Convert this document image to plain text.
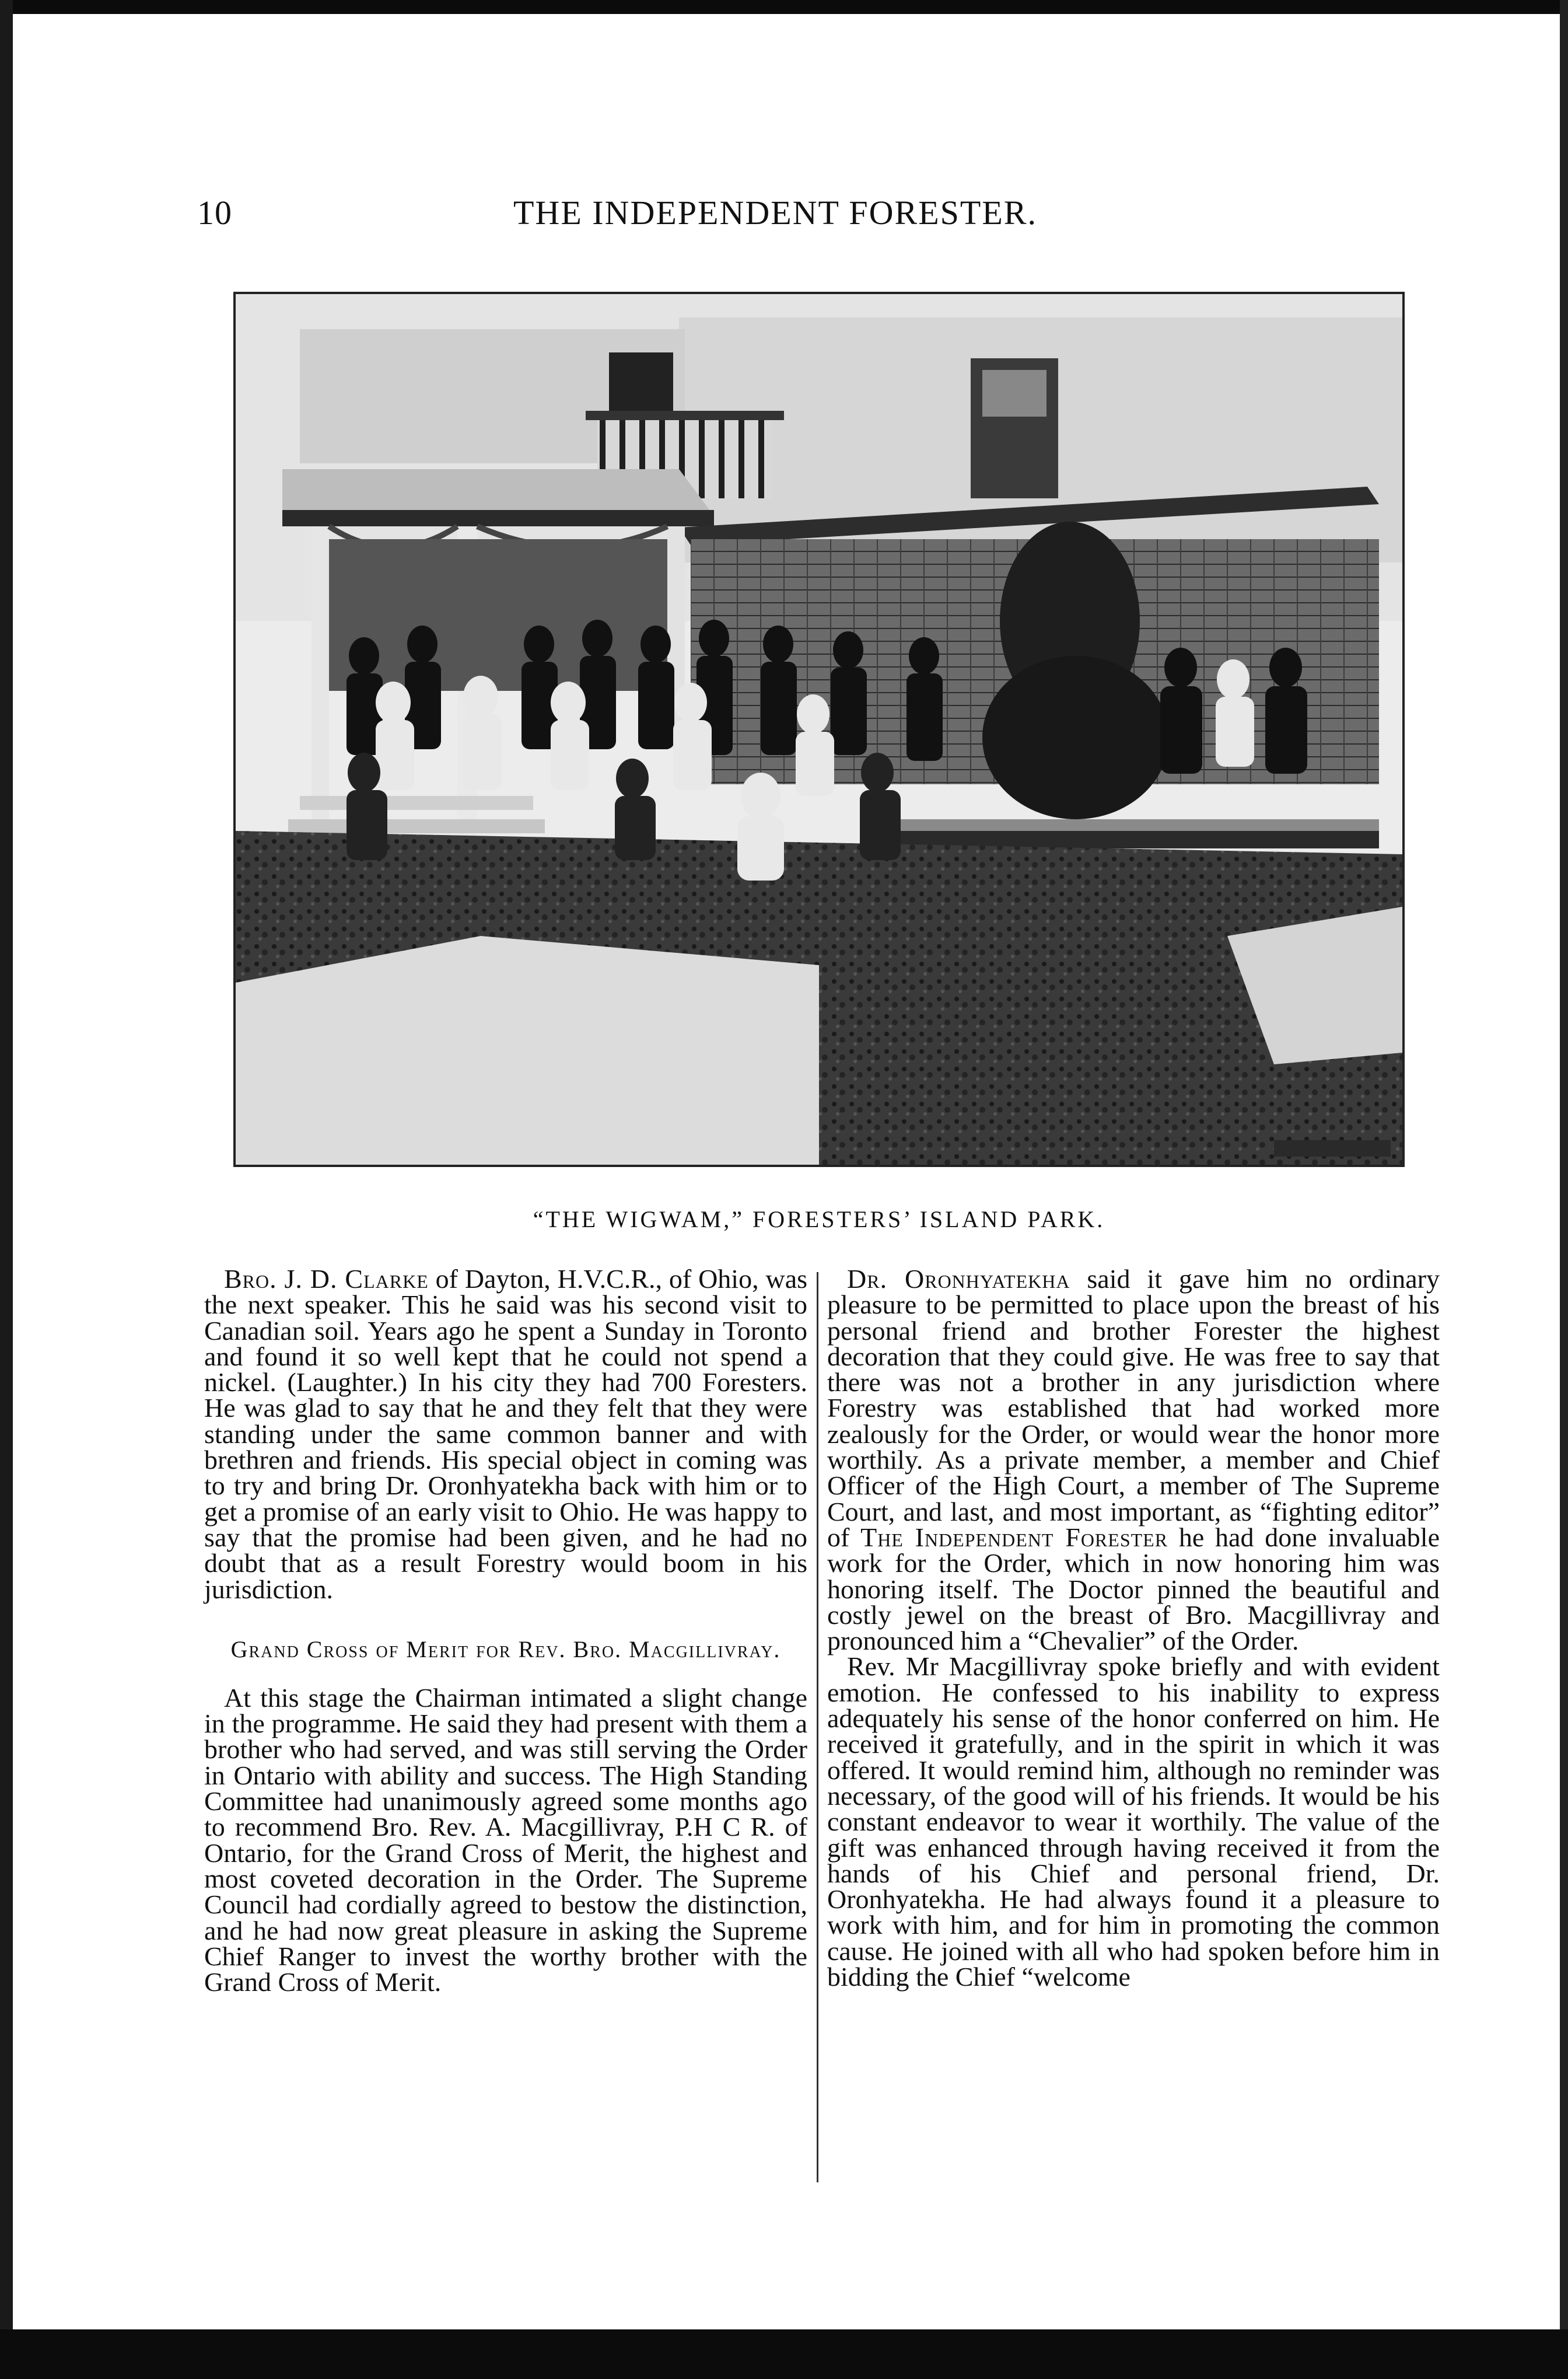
10	THE INDEPENDENT FORESTER.
“THE WIGWAM,” FORESTERS’ ISLAND PARK.

Bro. J. D. Clarke of Dayton, H.V.C.R., of Ohio, was the next speaker. This he said was his second visit to Canadian soil. Years ago he spent a Sunday in Toronto and found it so well kept that he could not spend a nickel. (Laughter.) In his city they had 700 Foresters. He was glad to say that he and they felt that they were standing under the same common banner and with brethren and friends. His special object in coming was to try and bring Dr. Oronhyatekha back with him or to get a promise of an early visit to Ohio. He was happy to say that the promise had been given, and he had no doubt that as a result Forestry would boom in his jurisdiction.

Grand Cross of Merit for Rev. Bro. Macgillivray.

At this stage the Chairman intimated a slight change in the programme. He said they had present with them a brother who had served, and was still serving the Order in Ontario with ability and success. The High Standing Committee had unanimously agreed some months ago to recommend Bro. Rev. A. Macgillivray, P.H C R. of Ontario, for the Grand Cross of Merit, the highest and most coveted decoration in the Order. The Supreme Council had cordially agreed to bestow the distinction, and he had now great pleasure in asking the Supreme Chief Ranger to invest the worthy brother with the Grand Cross of Merit.

Dr. Oronhyatekha said it gave him no ordinary pleasure to be permitted to place upon the breast of his personal friend and brother Forester the highest decoration that they could give. He was free to say that there was not a brother in any jurisdiction where Forestry was established that had worked more zealously for the Order, or would wear the honor more worthily. As a private member, a member and Chief Officer of the High Court, a member of The Supreme Court, and last, and most important, as “fighting editor” of The Independent Forester he had done invaluable work for the Order, which in now honoring him was honoring itself. The Doctor pinned the beautiful and costly jewel on the breast of Bro. Macgillivray and pronounced him a “Chevalier” of the Order.

Rev. Mr Macgillivray spoke briefly and with evident emotion. He confessed to his inability to express adequately his sense of the honor conferred on him. He received it gratefully, and in the spirit in which it was offered. It would remind him, although no reminder was necessary, of the good will of his friends. It would be his constant endeavor to wear it worthily. The value of the gift was enhanced through having received it from the hands of his Chief and personal friend, Dr. Oronhyatekha. He had always found it a pleasure to work with him, and for him in promoting the common cause. He joined with all who had spoken before him in bidding the Chief “welcome
